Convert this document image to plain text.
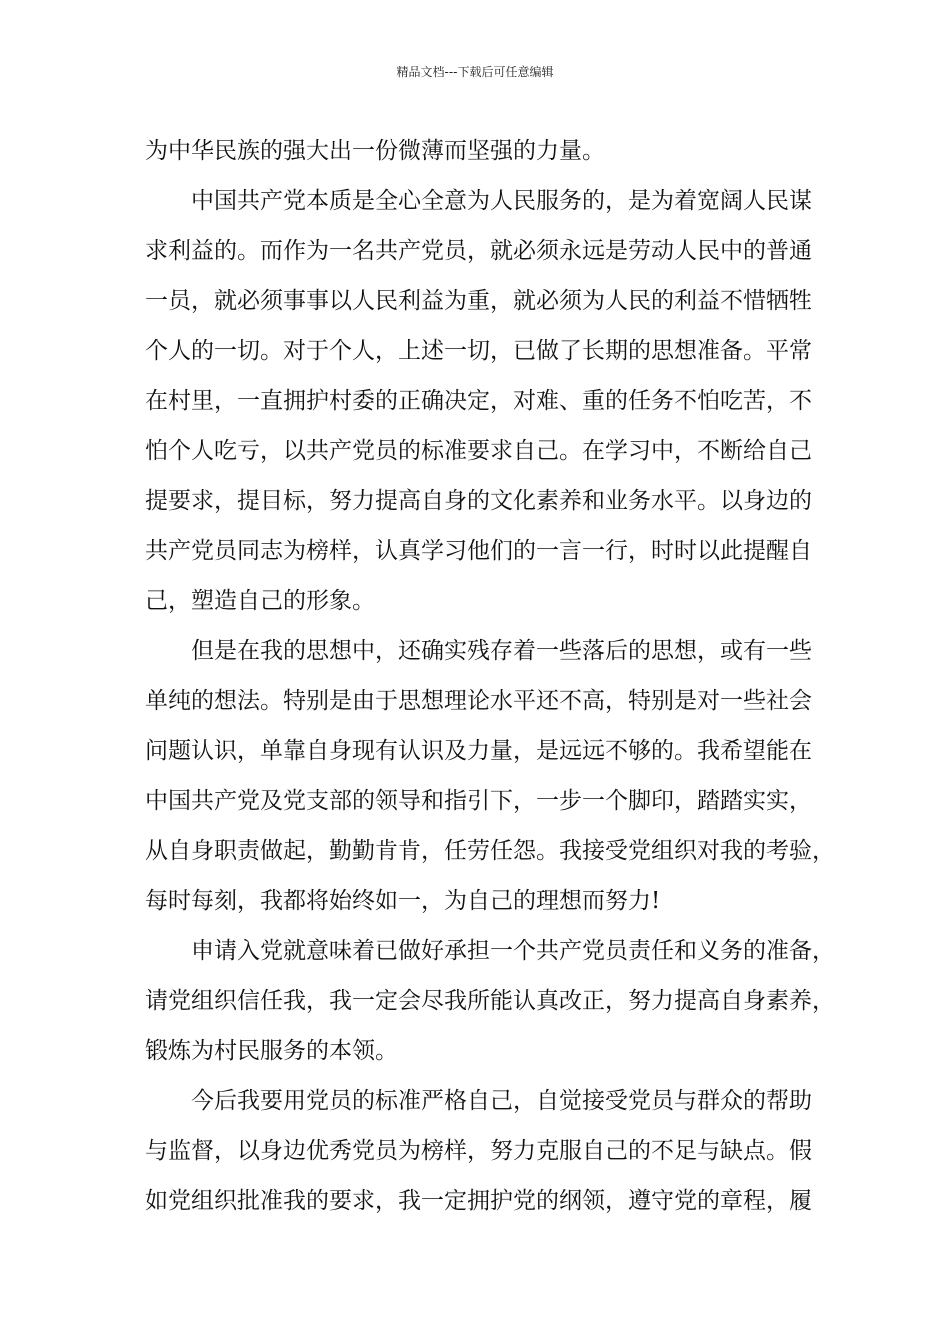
精品文档---下载后可任意编辑
为中华民族的强大出一份微薄而坚强的力量。
中国共产党本质是全心全意为人民服务的，是为着宽阔人民谋
求利益的。而作为一名共产党员，就必须永远是劳动人民中的普通
一员，就必须事事以人民利益为重，就必须为人民的利益不惜牺牲
个人的一切。对于个人，上述一切，已做了长期的思想准备。平常
在村里，一直拥护村委的正确决定，对难、重的任务不怕吃苦，不
怕个人吃亏，以共产党员的标准要求自己。在学习中，不断给自己
提要求，提目标，努力提高自身的文化素养和业务水平。以身边的
共产党员同志为榜样，认真学习他们的一言一行，时时以此提醒自
己，塑造自己的形象。
但是在我的思想中，还确实残存着一些落后的思想，或有一些
单纯的想法。特别是由于思想理论水平还不高，特别是对一些社会
问题认识，单靠自身现有认识及力量，是远远不够的。我希望能在
中国共产党及党支部的领导和指引下，一步一个脚印，踏踏实实，
从自身职责做起，勤勤肯肯，任劳任怨。我接受党组织对我的考验，
每时每刻，我都将始终如一，为自己的理想而努力!
申请入党就意味着已做好承担一个共产党员责任和义务的准备，
请党组织信任我，我一定会尽我所能认真改正，努力提高自身素养，
锻炼为村民服务的本领。
今后我要用党员的标准严格自己，自觉接受党员与群众的帮助
与监督，以身边优秀党员为榜样，努力克服自己的不足与缺点。假
如党组织批准我的要求，我一定拥护党的纲领，遵守党的章程，履
